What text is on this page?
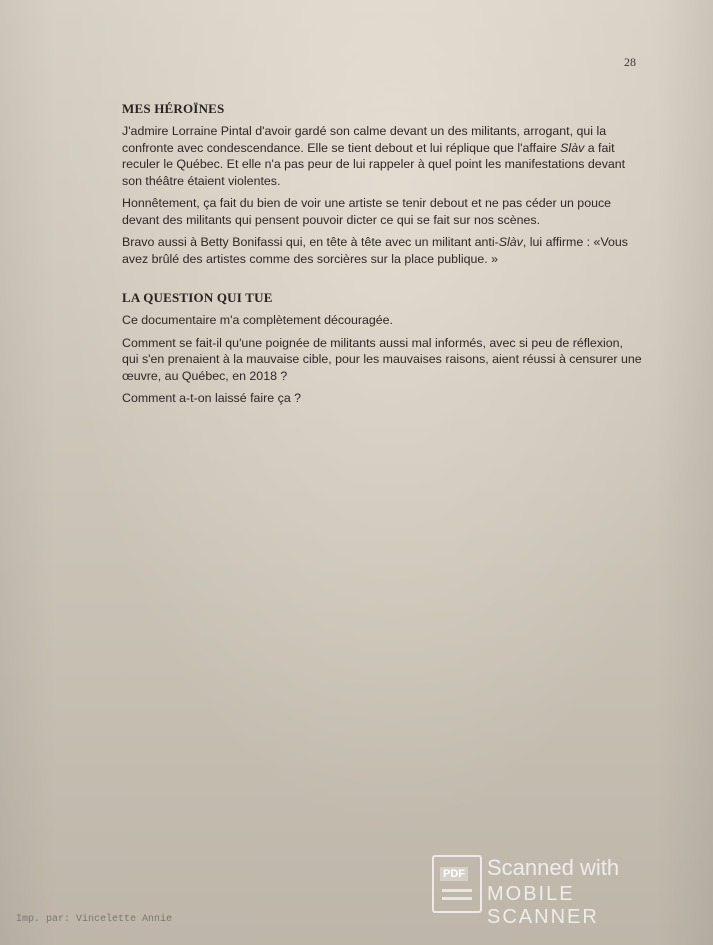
28

MES HÉROÏNES

J'admire Lorraine Pintal d'avoir gardé son calme devant un des militants, arrogant, qui la confronte avec condescendance. Elle se tient debout et lui réplique que l'affaire Slàv a fait reculer le Québec. Et elle n'a pas peur de lui rappeler à quel point les manifestations devant son théâtre étaient violentes.

Honnêtement, ça fait du bien de voir une artiste se tenir debout et ne pas céder un pouce devant des militants qui pensent pouvoir dicter ce qui se fait sur nos scènes.

Bravo aussi à Betty Bonifassi qui, en tête à tête avec un militant anti-Slàv, lui affirme : «Vous avez brûlé des artistes comme des sorcières sur la place publique. »

LA QUESTION QUI TUE

Ce documentaire m'a complètement découragée.

Comment se fait-il qu'une poignée de militants aussi mal informés, avec si peu de réflexion, qui s'en prenaient à la mauvaise cible, pour les mauvaises raisons, aient réussi à censurer une œuvre, au Québec, en 2018 ?

Comment a-t-on laissé faire ça ?

PDF Scanned with
MOBILE SCANNER
Imp. par: Vincelette Annie
